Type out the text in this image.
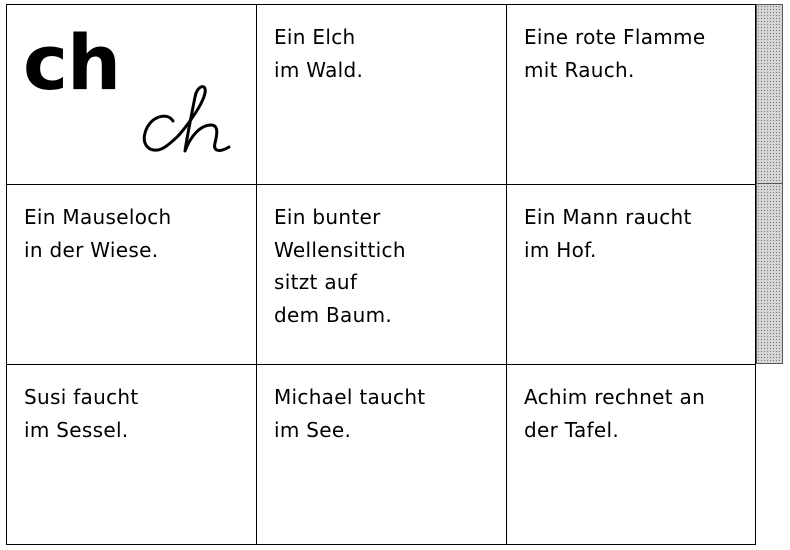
ch	Ein Elch
im Wald.
Eine rote Flamme
mit Rauch.
Ein Mauseloch
in der Wiese.
Ein bunter
Wellensittich
sitzt auf
dem Baum.
Ein Mann raucht
im Hof.
Susi faucht
im Sessel.
Michael taucht
im See.
Achim rechnet an
der Tafel.
